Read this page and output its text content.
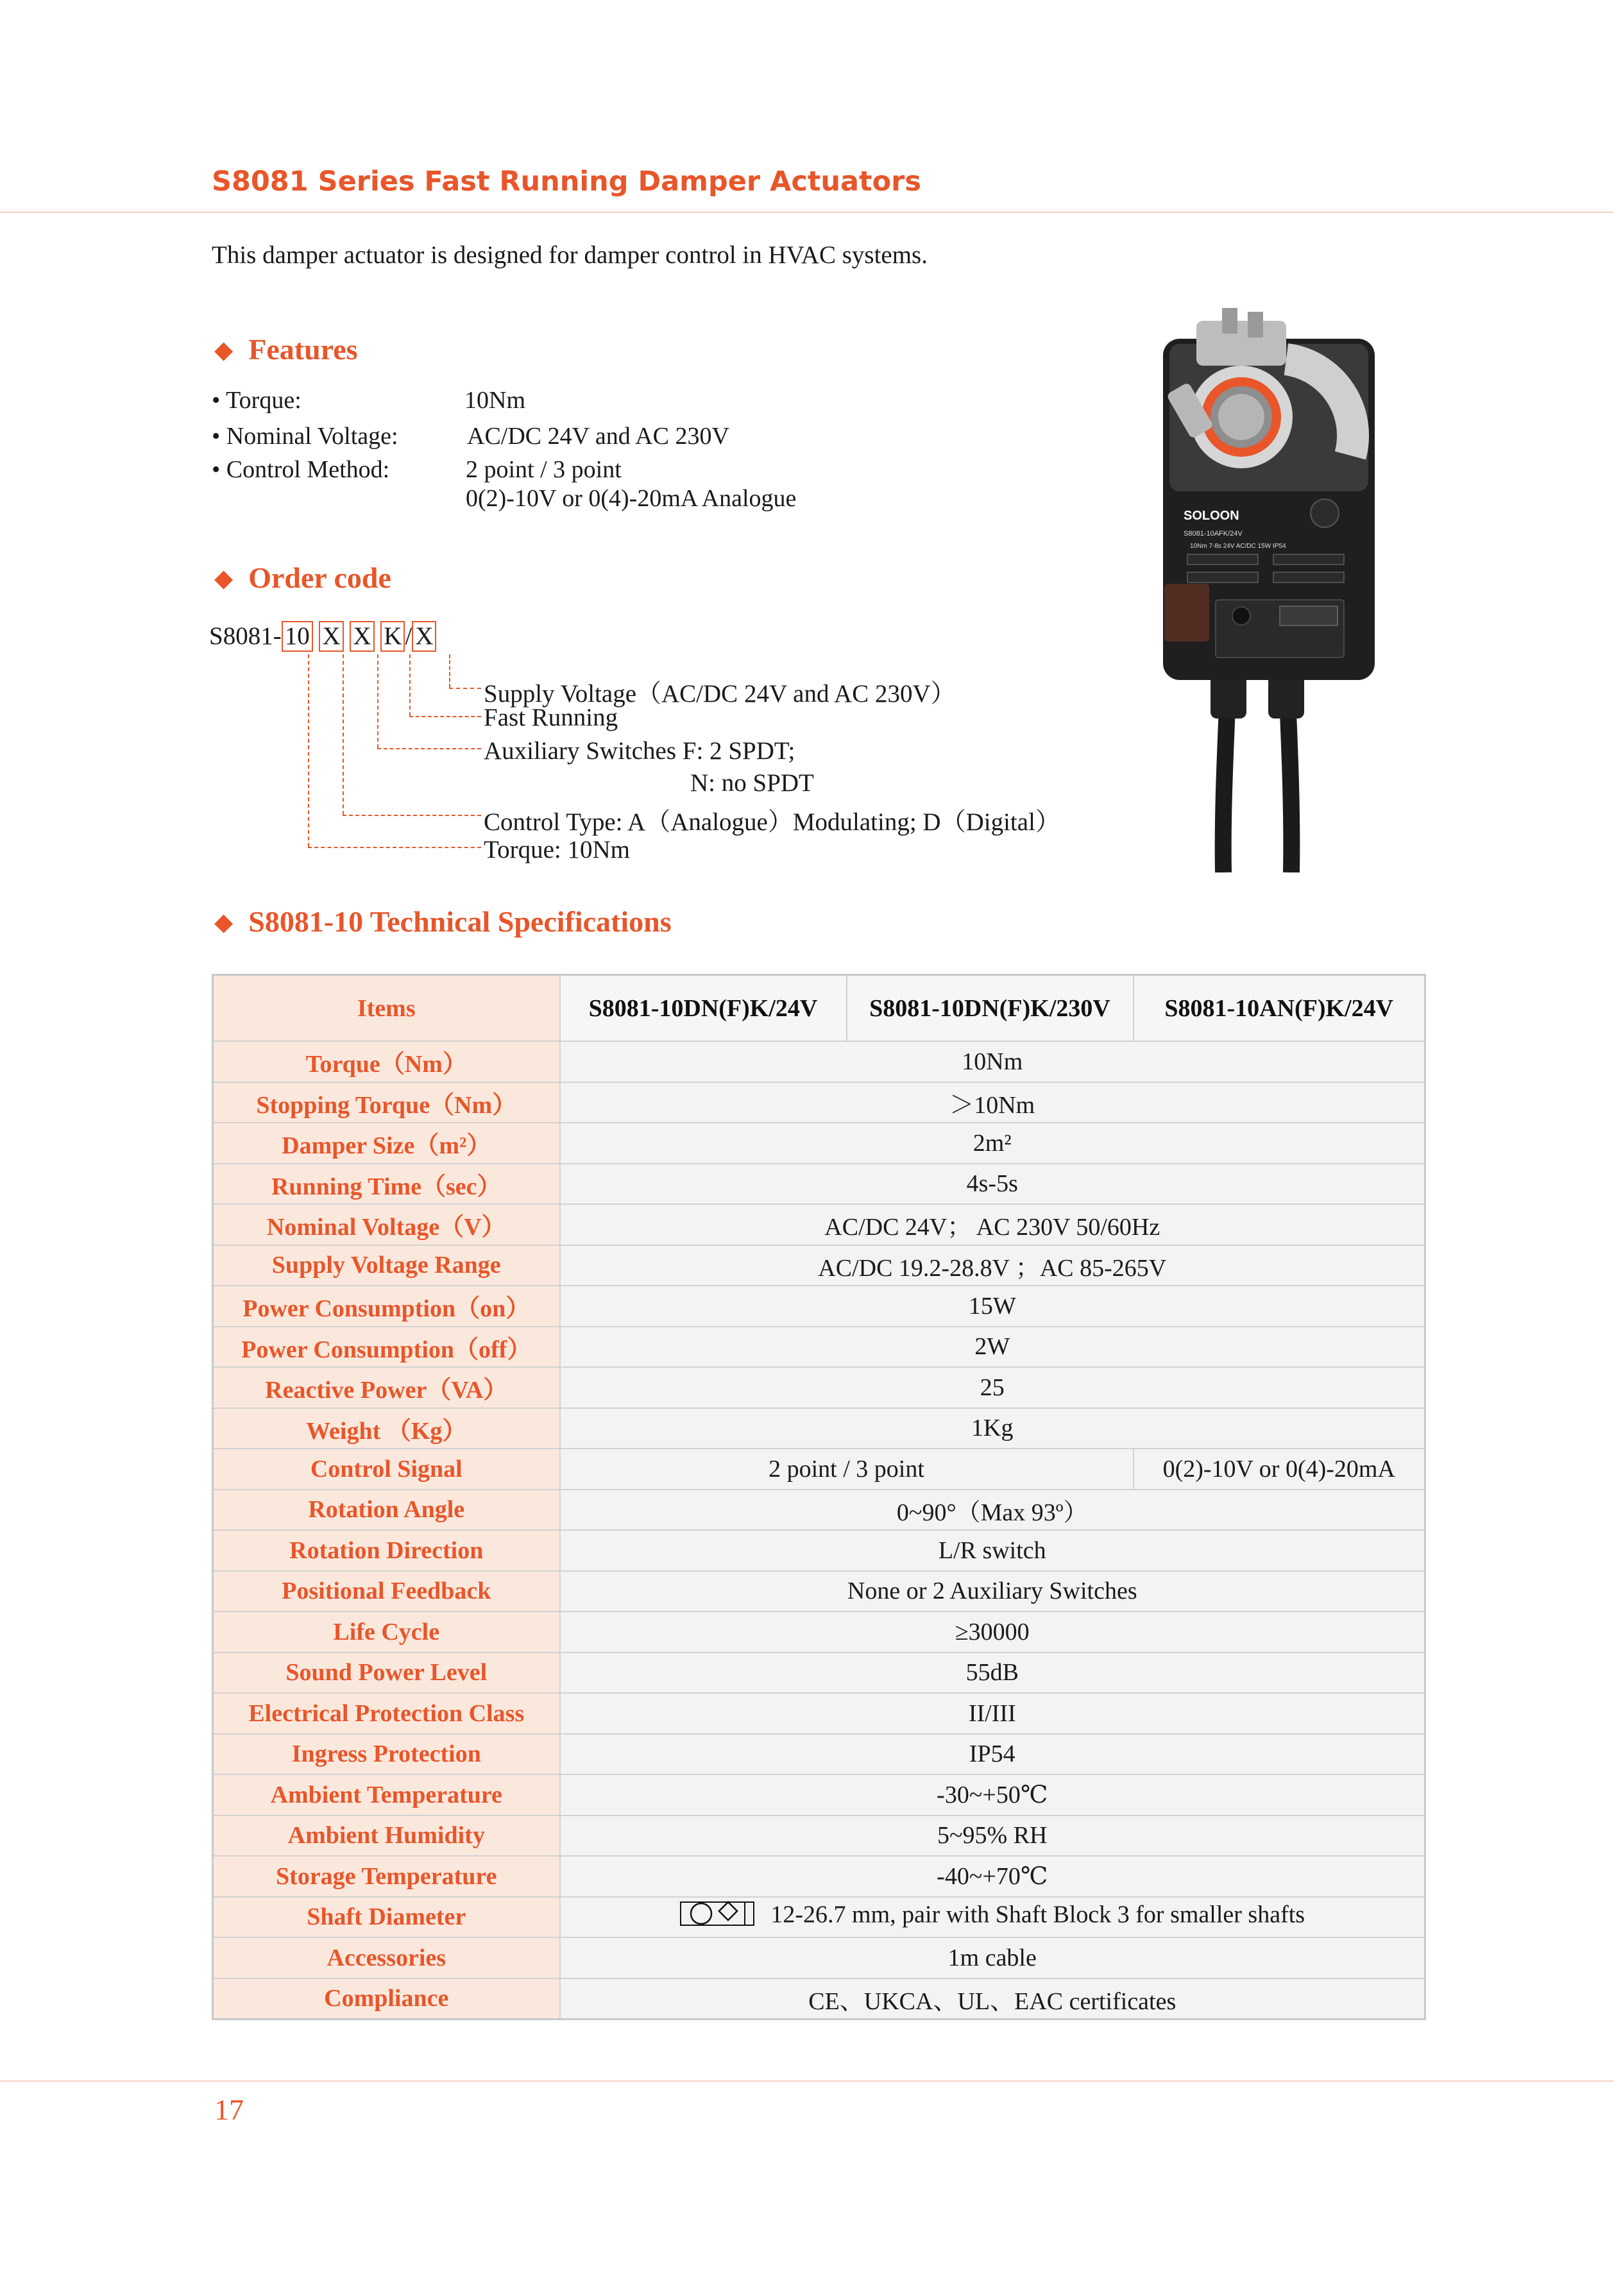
S8081 Series Fast Running Damper Actuators
This damper actuator is designed for damper control in HVAC systems.
◆ Features
• Torque:	10Nm
• Nominal Voltage:	AC/DC 24V and AC 230V
• Control Method:	2 point / 3 point
0(2)-10V or 0(4)-20mA Analogue
◆ Order code
S8081- 10 X X K / X
Supply Voltage（AC/DC 24V and AC 230V）
Fast Running
Auxiliary Switches F: 2 SPDT;
N: no SPDT
Control Type: A（Analogue）Modulating; D（Digital）
Torque: 10Nm
SOLOON
S8081-10AFK/24V
10Nm 7-8s 24V AC/DC 15W IP54
◆ S8081-10 Technical Specifications
Items	S8081-10DN(F)K/24V	S8081-10DN(F)K/230V	S8081-10AN(F)K/24V
Torque（Nm）	10Nm		
Stopping Torque（Nm）	＞10Nm		
Damper Size（m²）	2m²		
Running Time（sec）	4s-5s		
Nominal Voltage（V）	AC/DC 24V； AC 230V 50/60Hz		
Supply Voltage Range	AC/DC 19.2-28.8V ；AC 85-265V		
Power Consumption（on）	15W		
Power Consumption（off）	2W		
Reactive Power（VA）	25		
Weight （Kg）	1Kg		
Control Signal	2 point / 3 point		0(2)-10V or 0(4)-20mA
Rotation Angle	0~90°（Max 93º）		
Rotation Direction	L/R switch		
Positional Feedback	None or 2 Auxiliary Switches		
Life Cycle	≥30000		
Sound Power Level	55dB		
Electrical Protection Class	II/III		
Ingress Protection	IP54		
Ambient Temperature	-30~+50℃		
Ambient Humidity	5~95% RH		
Storage Temperature	-40~+70℃		
Shaft Diameter	12-26.7 mm, pair with Shaft Block 3 for smaller shafts		
Accessories	1m cable		
Compliance	CE、UKCA、UL、EAC certificates		
17
